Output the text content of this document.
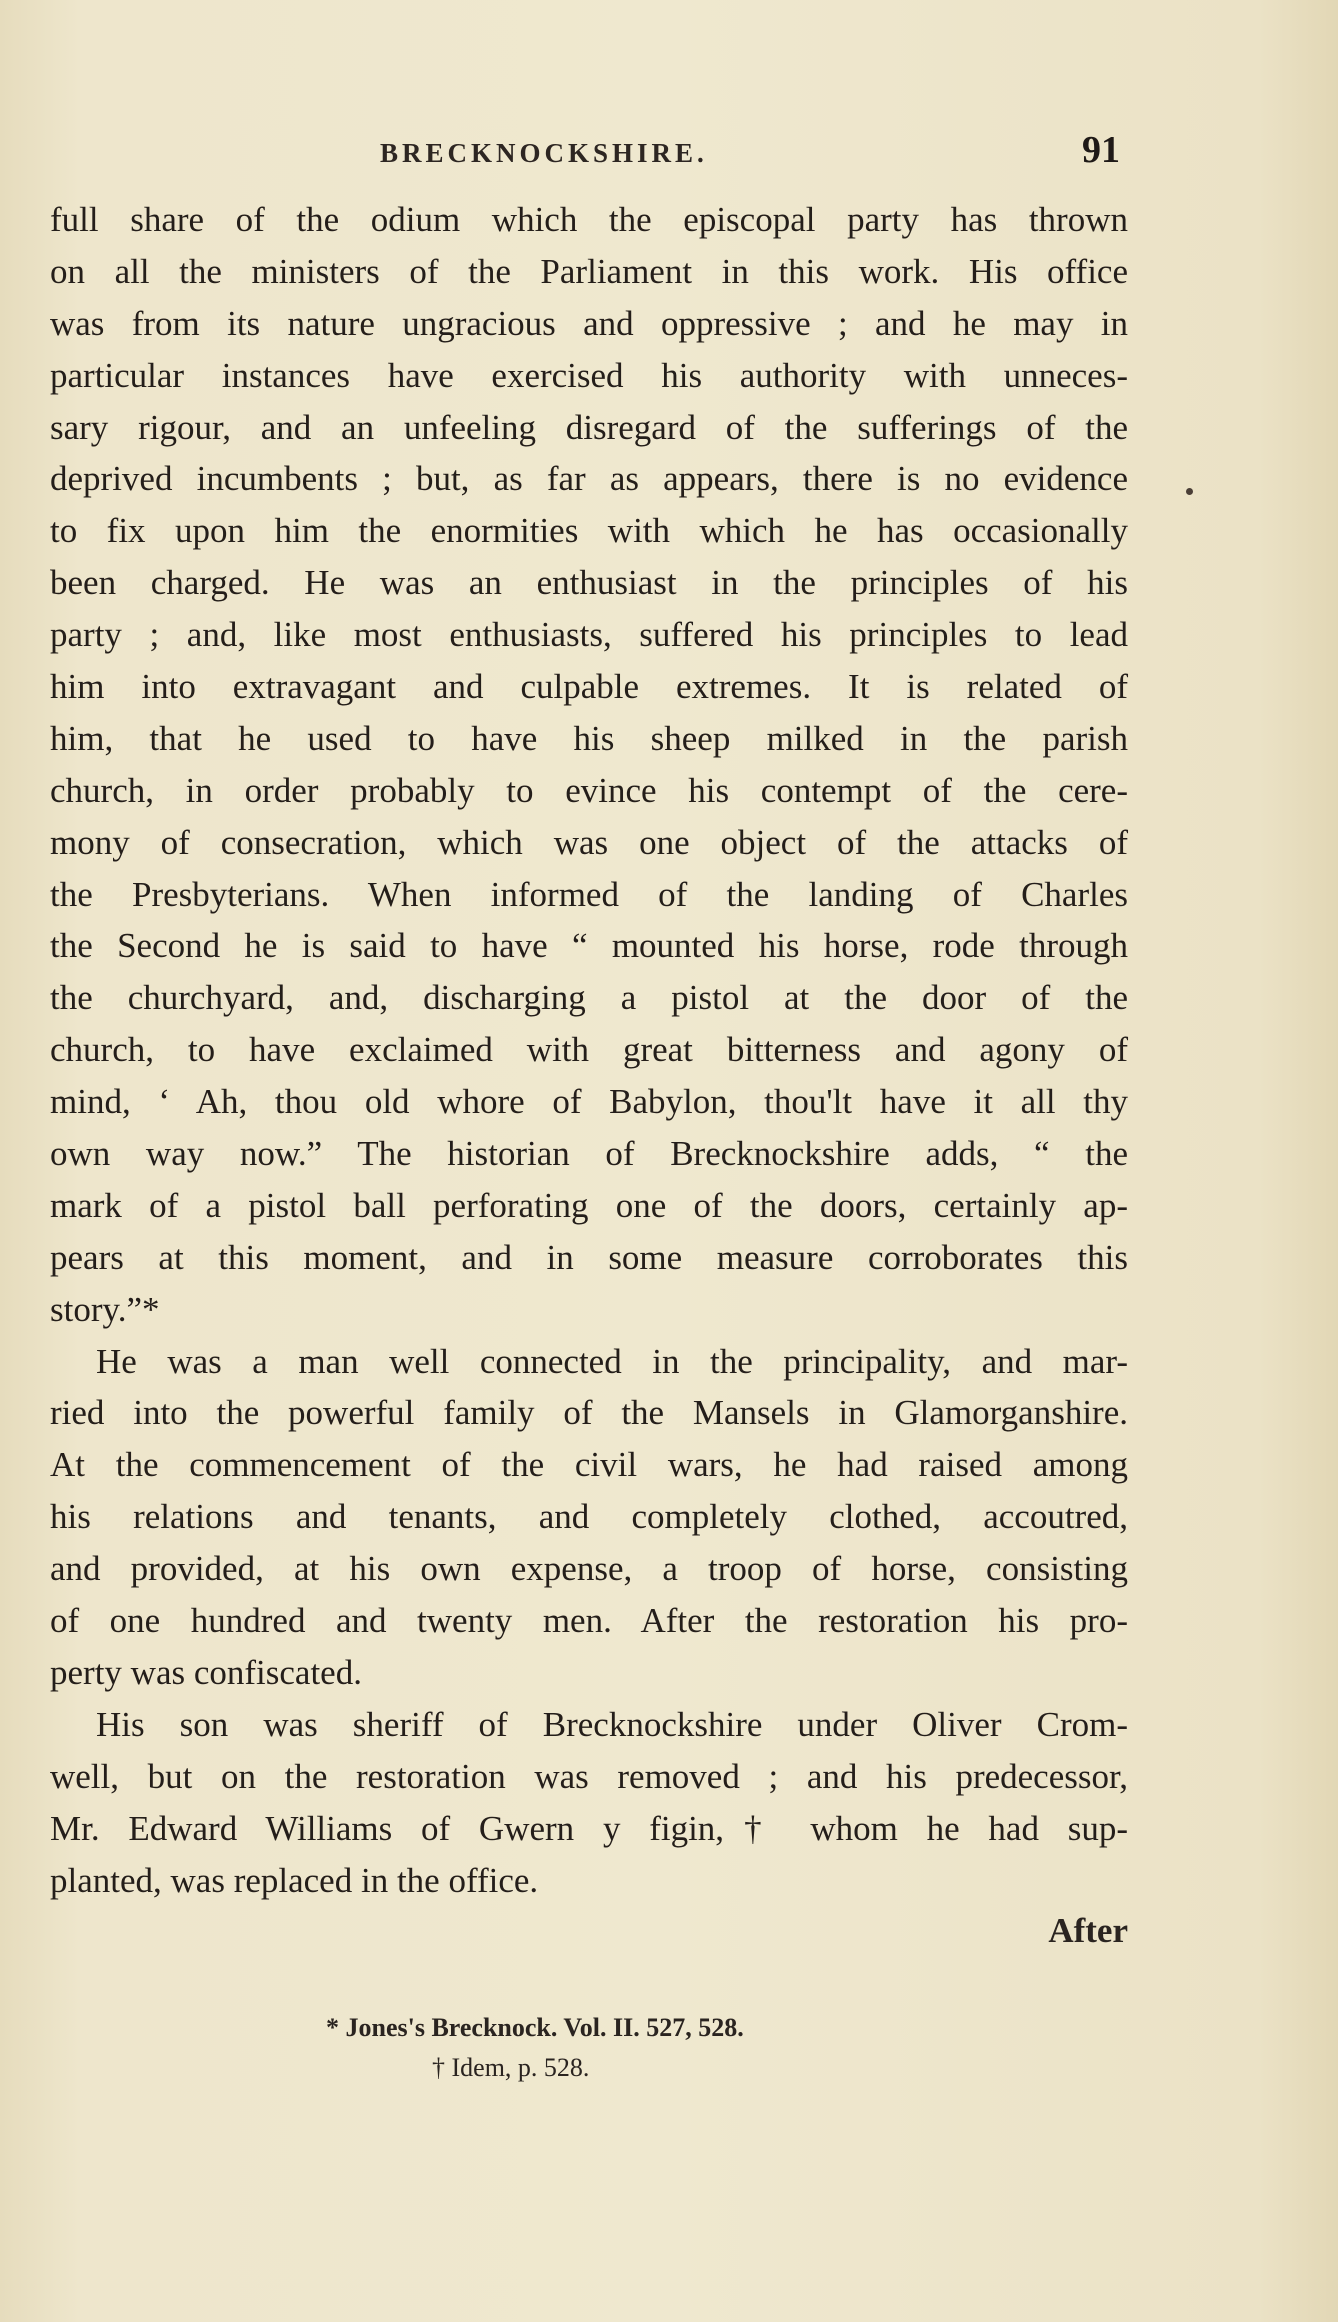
BRECKNOCKSHIRE.	91
full share of the odium which the episcopal party has thrown
on all the ministers of the Parliament in this work. His office
was from its nature ungracious and oppressive ; and he may in
particular instances have exercised his authority with unneces-
sary rigour, and an unfeeling disregard of the sufferings of the
deprived incumbents ; but, as far as appears, there is no evidence
to fix upon him the enormities with which he has occasionally
been charged. He was an enthusiast in the principles of his
party ; and, like most enthusiasts, suffered his principles to lead
him into extravagant and culpable extremes. It is related of
him, that he used to have his sheep milked in the parish
church, in order probably to evince his contempt of the cere-
mony of consecration, which was one object of the attacks of
the Presbyterians. When informed of the landing of Charles
the Second he is said to have “ mounted his horse, rode through
the churchyard, and, discharging a pistol at the door of the
church, to have exclaimed with great bitterness and agony of
mind, ‘ Ah, thou old whore of Babylon, thou'lt have it all thy
own way now.” The historian of Brecknockshire adds, “ the
mark of a pistol ball perforating one of the doors, certainly ap-
pears at this moment, and in some measure corroborates this
story.”*
He was a man well connected in the principality, and mar-
ried into the powerful family of the Mansels in Glamorganshire.
At the commencement of the civil wars, he had raised among
his relations and tenants, and completely clothed, accoutred,
and provided, at his own expense, a troop of horse, consisting
of one hundred and twenty men. After the restoration his pro-
perty was confiscated.
His son was sheriff of Brecknockshire under Oliver Crom-
well, but on the restoration was removed ; and his predecessor,
Mr. Edward Williams of Gwern y figin,† whom he had sup-
planted, was replaced in the office.
After
* Jones's Brecknock. Vol. II. 527, 528.
† Idem, p. 528.
